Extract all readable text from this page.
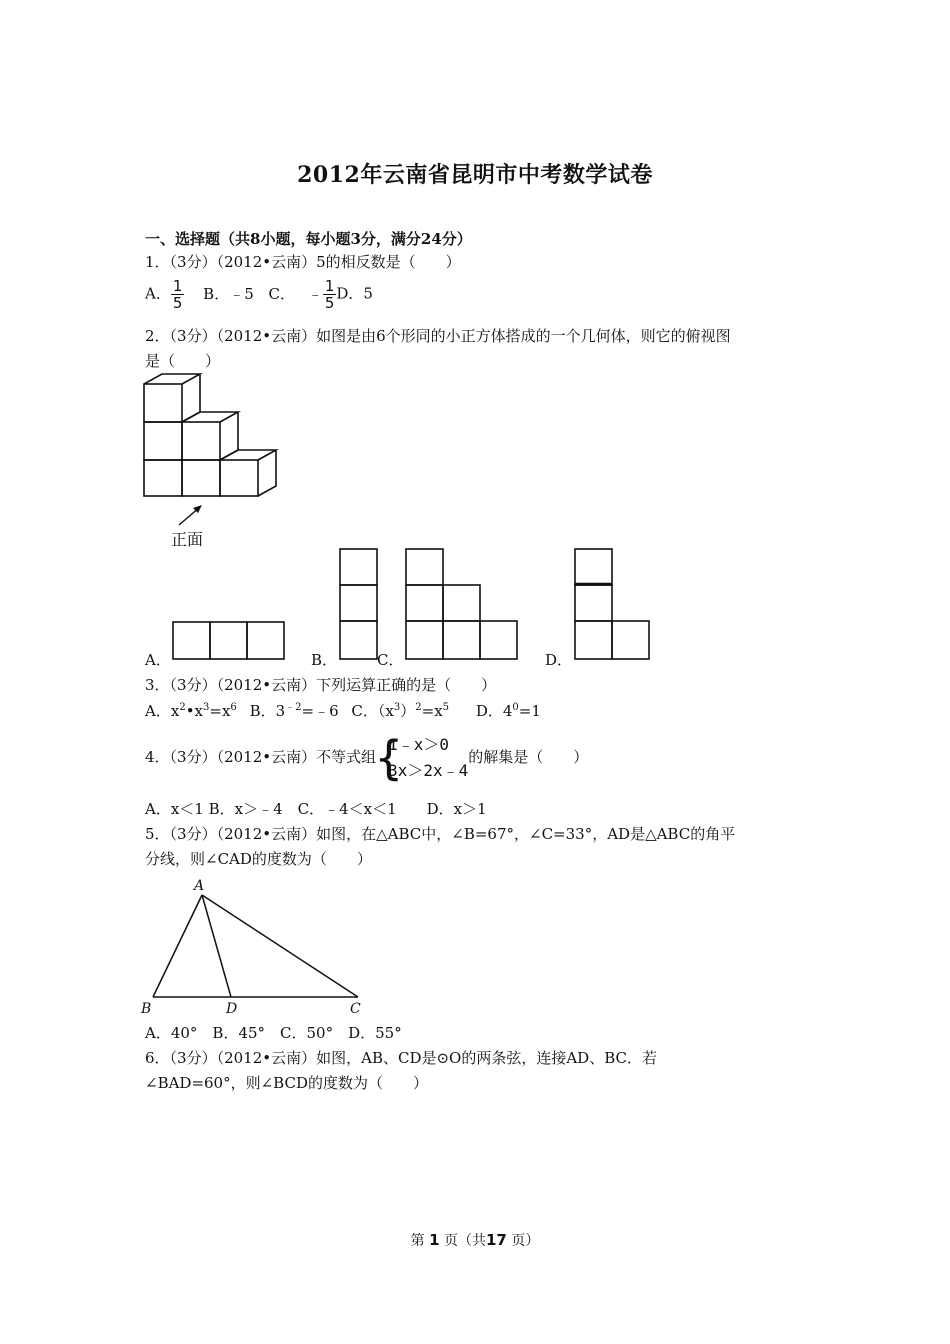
2012年云南省昆明市中考数学试卷
一、选择题（共8小题，每小题3分，满分24分）
1．（3分）（2012•云南）5的相反数是（　　）
A． $\frac{1}{5}$ B．﹣5 C． ﹣ $\frac{1}{5}$ D．5
2．（3分）（2012•云南）如图是由6个形同的小正方体搭成的一个几何体，则它的俯视图
是（　　）
正面
A．	B．	C．	D．
3．（3分）（2012•云南）下列运算正确的是（　　）
A．$x^2•x^3=x^6$ B．$3^{﹣2}=﹣6$ C．$(x^3)^2=x^5$ D．$4^0=1$
4．（3分）（2012•云南）不等式组
{
1﹣x＞0
3x＞2x﹣4
的解集是（　　）
A．x＜1 B．x＞﹣4　C．﹣4＜x＜1　　D．x＞1
5．（3分）（2012•云南）如图，在△ABC中，∠B=67°，∠C=33°，AD是△ABC的角平
分线，则∠CAD的度数为（　　）
A
B	D	C
A．40°　B．45°　C．50°　D．55°
6．（3分）（2012•云南）如图，AB、CD是⊙O的两条弦，连接AD、BC．若
∠BAD=60°，则∠BCD的度数为（　　）
第 1 页（共17 页）
